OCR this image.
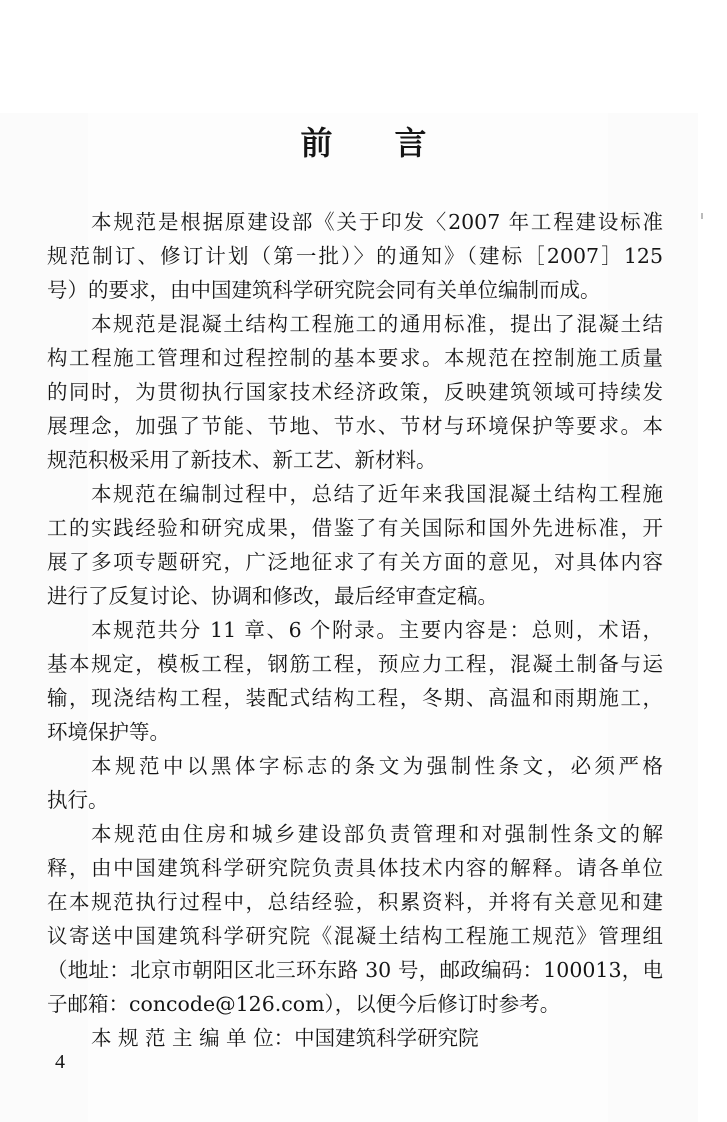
前 言
本规范是根据原建设部《关于印发〈2007 年工程建设标准
规范制订、修订计划（第一批）〉的通知》（建标［2007］125
号）的要求，由中国建筑科学研究院会同有关单位编制而成。
本规范是混凝土结构工程施工的通用标准，提出了混凝土结
构工程施工管理和过程控制的基本要求。本规范在控制施工质量
的同时，为贯彻执行国家技术经济政策，反映建筑领域可持续发
展理念，加强了节能、节地、节水、节材与环境保护等要求。本
规范积极采用了新技术、新工艺、新材料。
本规范在编制过程中，总结了近年来我国混凝土结构工程施
工的实践经验和研究成果，借鉴了有关国际和国外先进标准，开
展了多项专题研究，广泛地征求了有关方面的意见，对具体内容
进行了反复讨论、协调和修改，最后经审查定稿。
本规范共分 11 章、6 个附录。主要内容是：总则，术语，
基本规定，模板工程，钢筋工程，预应力工程，混凝土制备与运
输，现浇结构工程，装配式结构工程，冬期、高温和雨期施工，
环境保护等。
本规范中以黑体字标志的条文为强制性条文，必须严格
执行。
本规范由住房和城乡建设部负责管理和对强制性条文的解
释，由中国建筑科学研究院负责具体技术内容的解释。请各单位
在本规范执行过程中，总结经验，积累资料，并将有关意见和建
议寄送中国建筑科学研究院《混凝土结构工程施工规范》管理组
（地址：北京市朝阳区北三环东路 30 号，邮政编码：100013，电
子邮箱：concode@126.com），以便今后修订时参考。
本 规 范 主 编 单 位：中国建筑科学研究院
4
